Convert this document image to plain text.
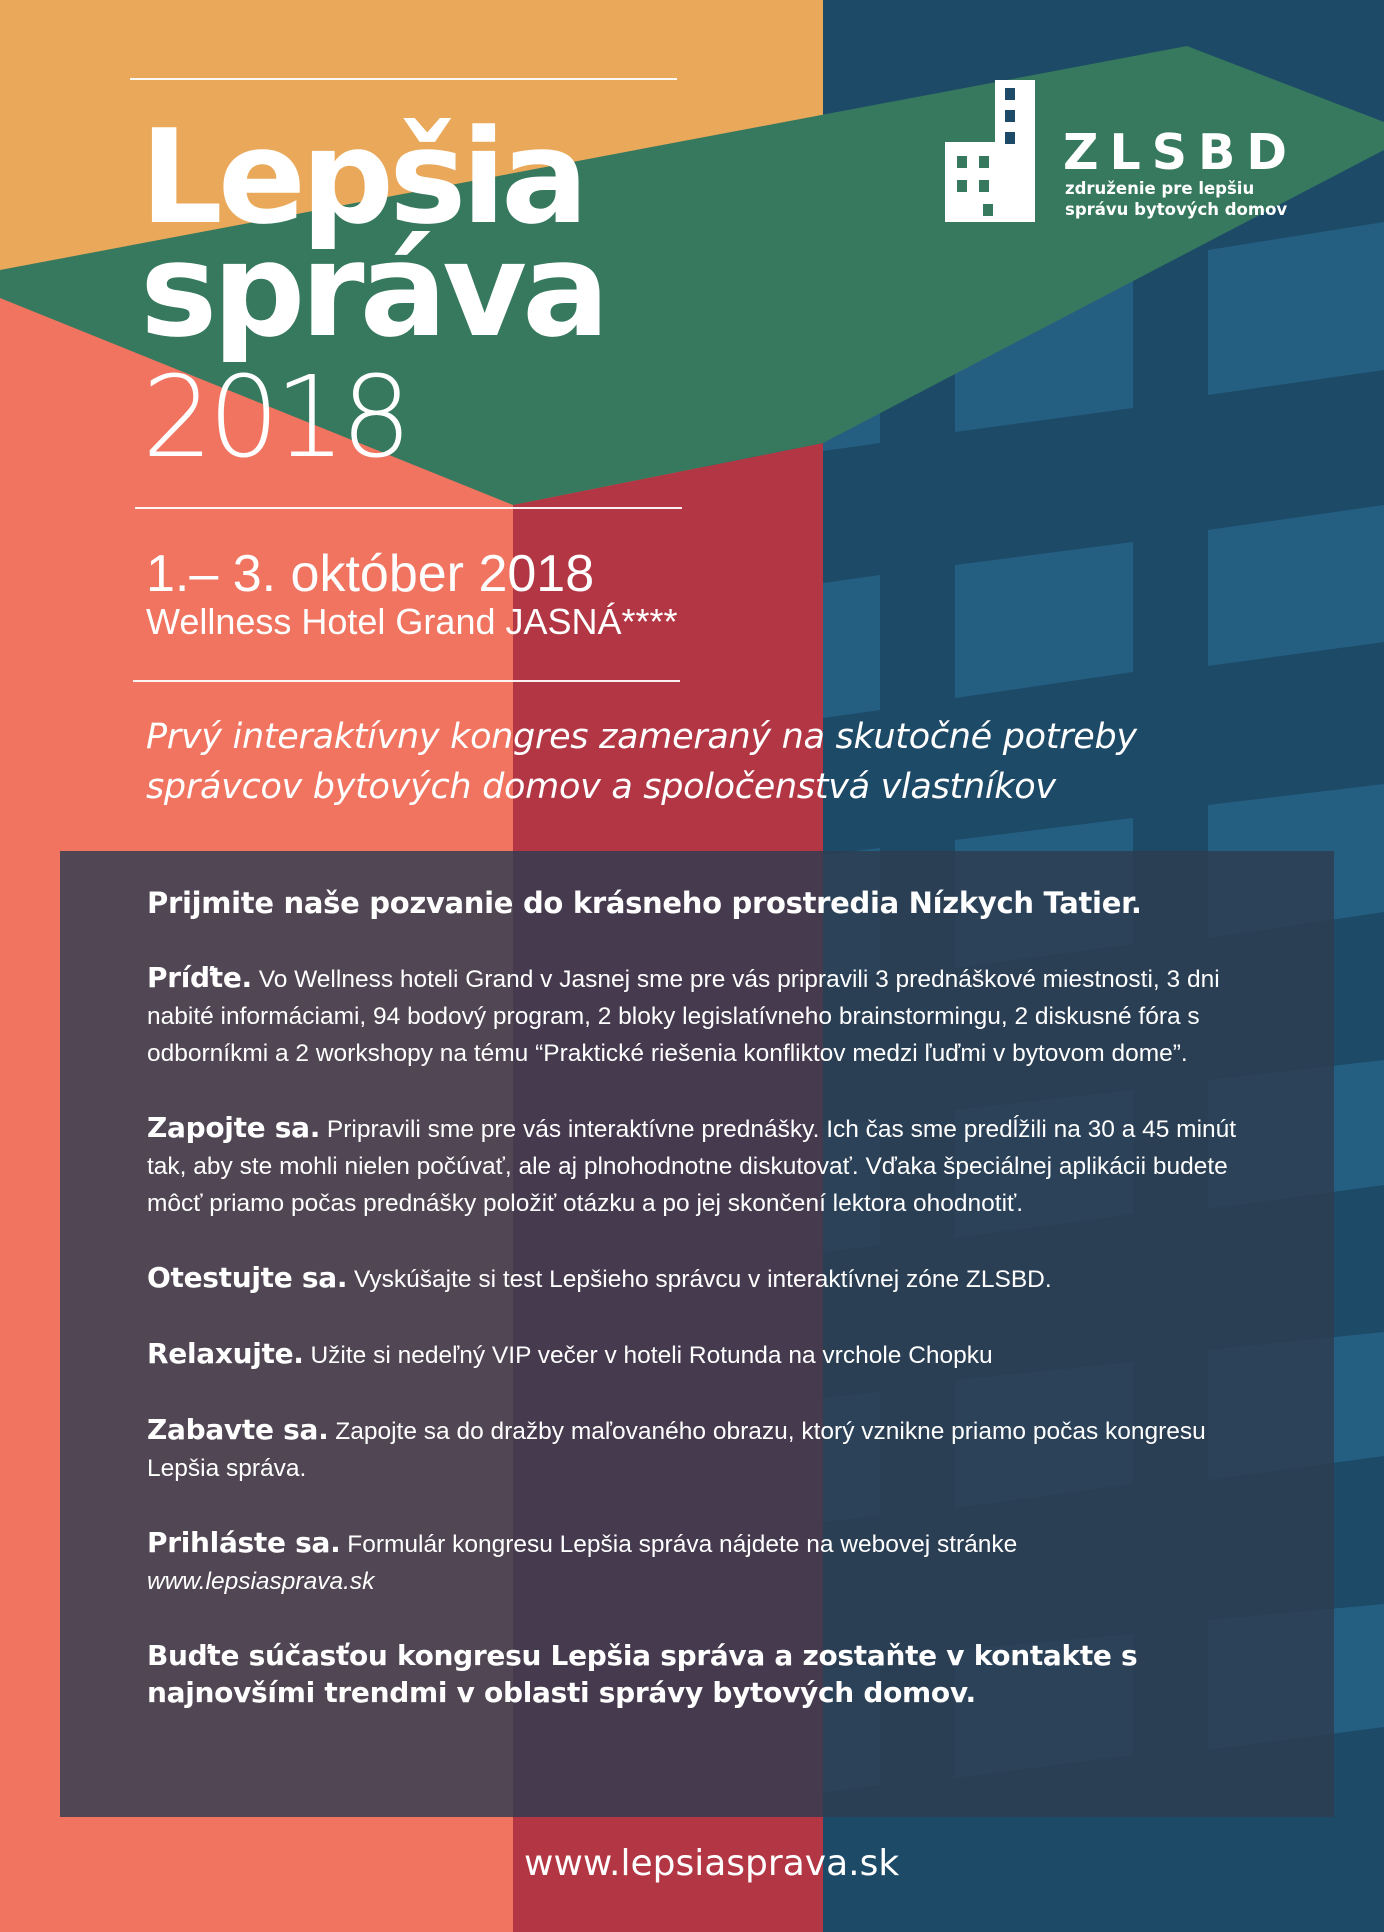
Lepšia
správa
2018
1.– 3. október 2018
Wellness Hotel Grand JASNÁ****
Prvý interaktívny kongres zameraný na skutočné potreby správcov bytových domov a spoločenstvá vlastníkov
ZLSBD
združenie pre lepšiu
správu bytových domov

Prijmite naše pozvanie do krásneho prostredia Nízkych Tatier.

Príďte. Vo Wellness hoteli Grand v Jasnej sme pre vás pripravili 3 prednáškové miestnosti, 3 dni nabité informáciami, 94 bodový program, 2 bloky legislatívneho brainstormingu, 2 diskusné fóra s odborníkmi a 2 workshopy na tému “Praktické riešenia konfliktov medzi ľuďmi v bytovom dome”.

Zapojte sa. Pripravili sme pre vás interaktívne prednášky. Ich čas sme predĺžili na 30 a 45 minút tak, aby ste mohli nielen počúvať, ale aj plnohodnotne diskutovať. Vďaka špeciálnej aplikácii budete môcť priamo počas prednášky položiť otázku a po jej skončení lektora ohodnotiť.

Otestujte sa. Vyskúšajte si test Lepšieho správcu v interaktívnej zóne ZLSBD.

Relaxujte. Užite si nedeľný VIP večer v hoteli Rotunda na vrchole Chopku

Zabavte sa. Zapojte sa do dražby maľovaného obrazu, ktorý vznikne priamo počas kongresu Lepšia správa.

Prihláste sa. Formulár kongresu Lepšia správa nájdete na webovej stránke
www.lepsiasprava.sk

Buďte súčasťou kongresu Lepšia správa a zostaňte v kontakte s najnovšími trendmi v oblasti správy bytových domov.

www.lepsiasprava.sk
